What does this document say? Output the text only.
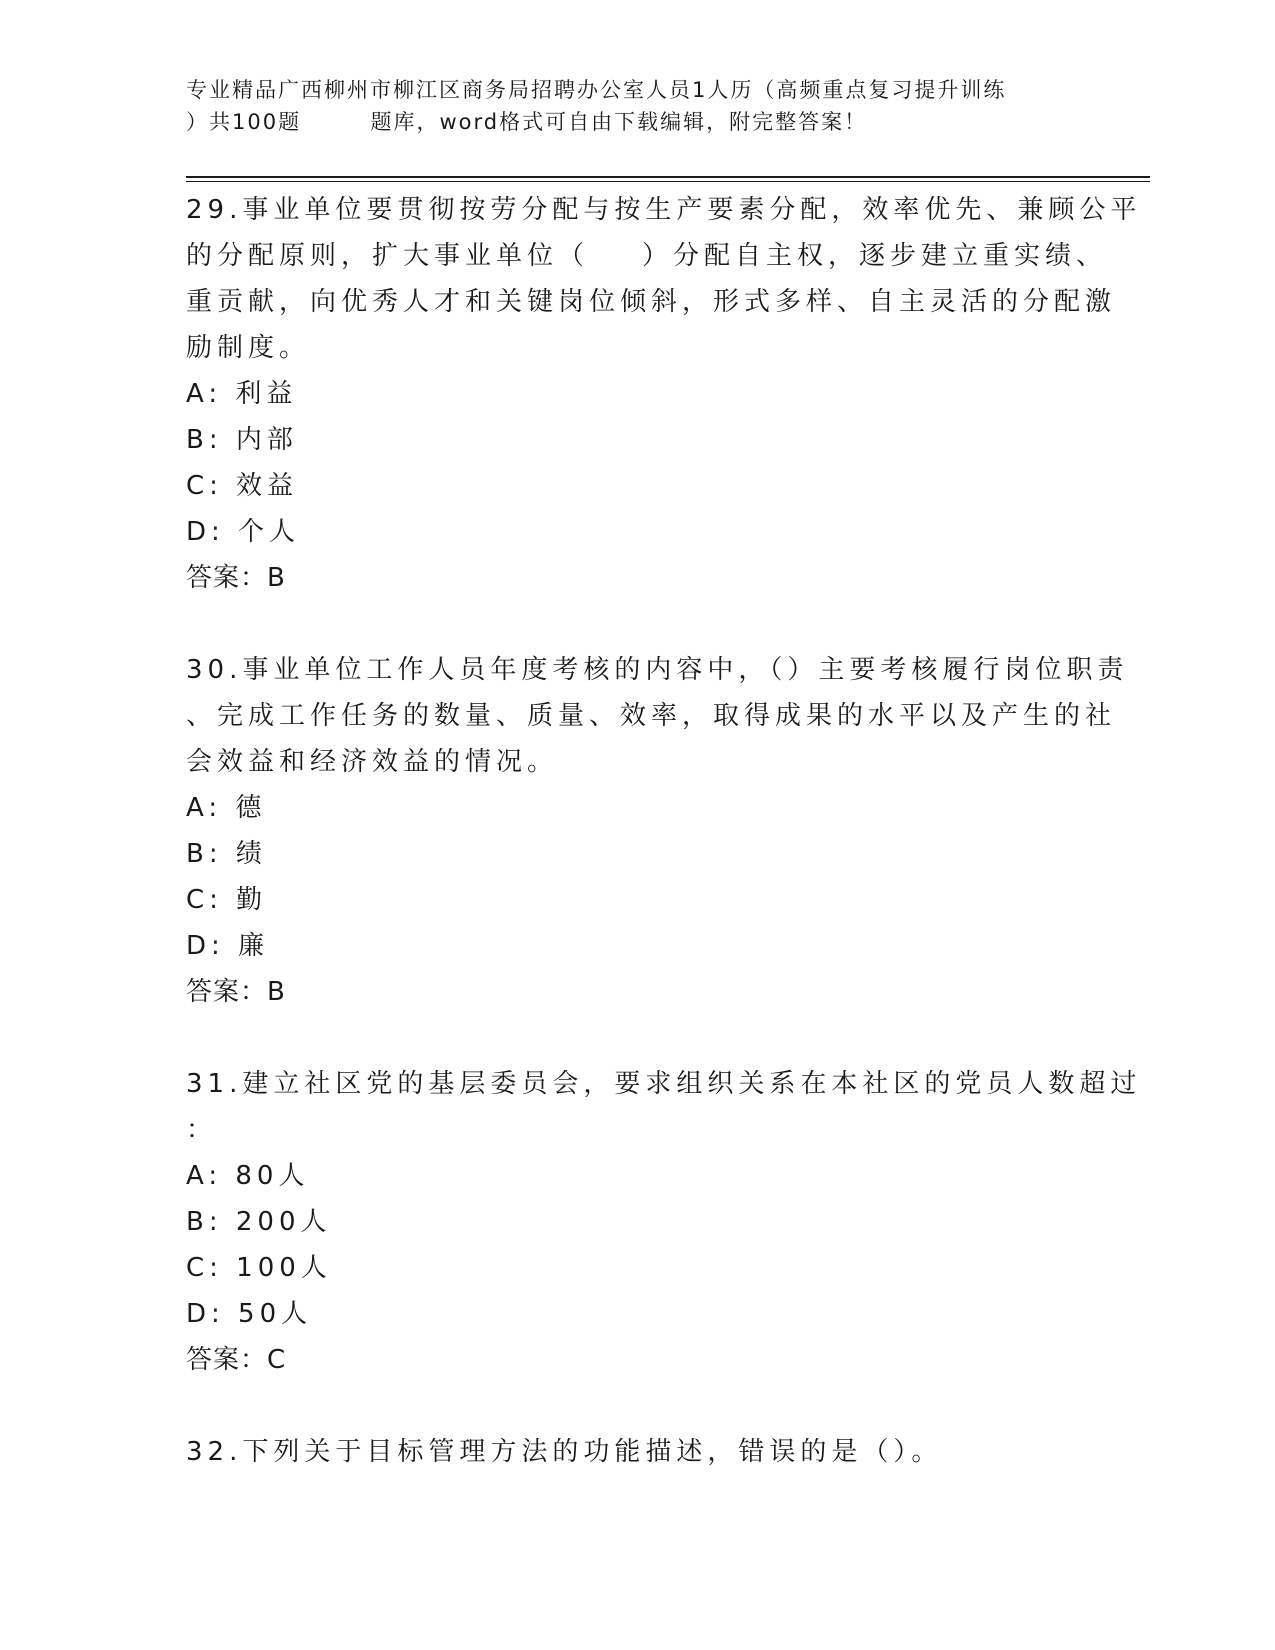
专业精品广西柳州市柳江区商务局招聘办公室人员1人历（高频重点复习提升训练
）共100题        题库，word格式可自由下载编辑，附完整答案！
29.事业单位要贯彻按劳分配与按生产要素分配，效率优先、兼顾公平
的分配原则，扩大事业单位（    ）分配自主权，逐步建立重实绩、
重贡献，向优秀人才和关键岗位倾斜，形式多样、自主灵活的分配激
励制度。
A: 利益
B: 内部
C: 效益
D: 个人
答案：B
30.事业单位工作人员年度考核的内容中，（）主要考核履行岗位职责
、完成工作任务的数量、质量、效率，取得成果的水平以及产生的社
会效益和经济效益的情况。
A: 德
B: 绩
C: 勤
D: 廉
答案：B
31.建立社区党的基层委员会，要求组织关系在本社区的党员人数超过
：
A: 80人
B: 200人
C: 100人
D: 50人
答案：C
32.下列关于目标管理方法的功能描述，错误的是（）。
